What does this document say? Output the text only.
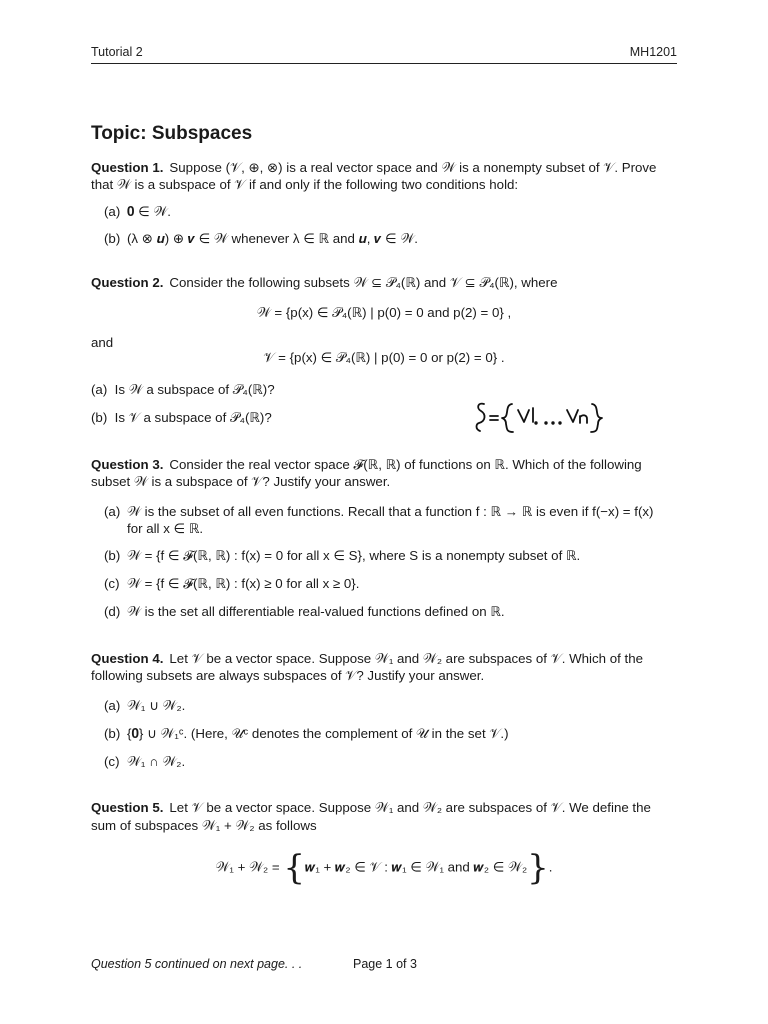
Tutorial 2	MH1201
Topic: Subspaces
Question 1. Suppose (𝒱, ⊕, ⊗) is a real vector space and 𝒲 is a nonempty subset of 𝒱. Prove
that 𝒲 is a subspace of 𝒱 if and only if the following two conditions hold:
(a) 𝟎 ∈ 𝒲.
(b) (λ ⊗ 𝒖) ⊕ 𝒗 ∈ 𝒲 whenever λ ∈ ℝ and 𝒖, 𝒗 ∈ 𝒲.
Question 2. Consider the following subsets 𝒲 ⊆ 𝒫₄(ℝ) and 𝒱 ⊆ 𝒫₄(ℝ), where
𝒲 = {p(x) ∈ 𝒫₄(ℝ) | p(0) = 0 and p(2) = 0} ,
and
𝒱 = {p(x) ∈ 𝒫₄(ℝ) | p(0) = 0 or p(2) = 0} .
(a) Is 𝒲 a subspace of 𝒫₄(ℝ)?
(b) Is 𝒱 a subspace of 𝒫₄(ℝ)?
S = {v₁, . . . vₙ}
Question 3. Consider the real vector space 𝓕(ℝ, ℝ) of functions on ℝ. Which of the following
subset 𝒲 is a subspace of 𝒱? Justify your answer.
(a) 𝒲 is the subset of all even functions. Recall that a function f : ℝ → ℝ is even if f(−x) = f(x)
for all x ∈ ℝ.
(b) 𝒲 = {f ∈ 𝓕(ℝ, ℝ) : f(x) = 0 for all x ∈ S}, where S is a nonempty subset of ℝ.
(c) 𝒲 = {f ∈ 𝓕(ℝ, ℝ) : f(x) ≥ 0 for all x ≥ 0}.
(d) 𝒲 is the set all differentiable real-valued functions defined on ℝ.
Question 4. Let 𝒱 be a vector space. Suppose 𝒲₁ and 𝒲₂ are subspaces of 𝒱. Which of the
following subsets are always subspaces of 𝒱? Justify your answer.
(a) 𝒲₁ ∪ 𝒲₂.
(b) {𝟎} ∪ 𝒲₁ᶜ. (Here, 𝒰ᶜ denotes the complement of 𝒰 in the set 𝒱.)
(c) 𝒲₁ ∩ 𝒲₂.
Question 5. Let 𝒱 be a vector space. Suppose 𝒲₁ and 𝒲₂ are subspaces of 𝒱. We define the
sum of subspaces 𝒲₁ + 𝒲₂ as follows
𝒲₁ + 𝒲₂ = {𝒘₁ + 𝒘₂ ∈ 𝒱 : 𝒘₁ ∈ 𝒲₁ and 𝒘₂ ∈ 𝒲₂}.
Question 5 continued on next page. . .	Page 1 of 3
